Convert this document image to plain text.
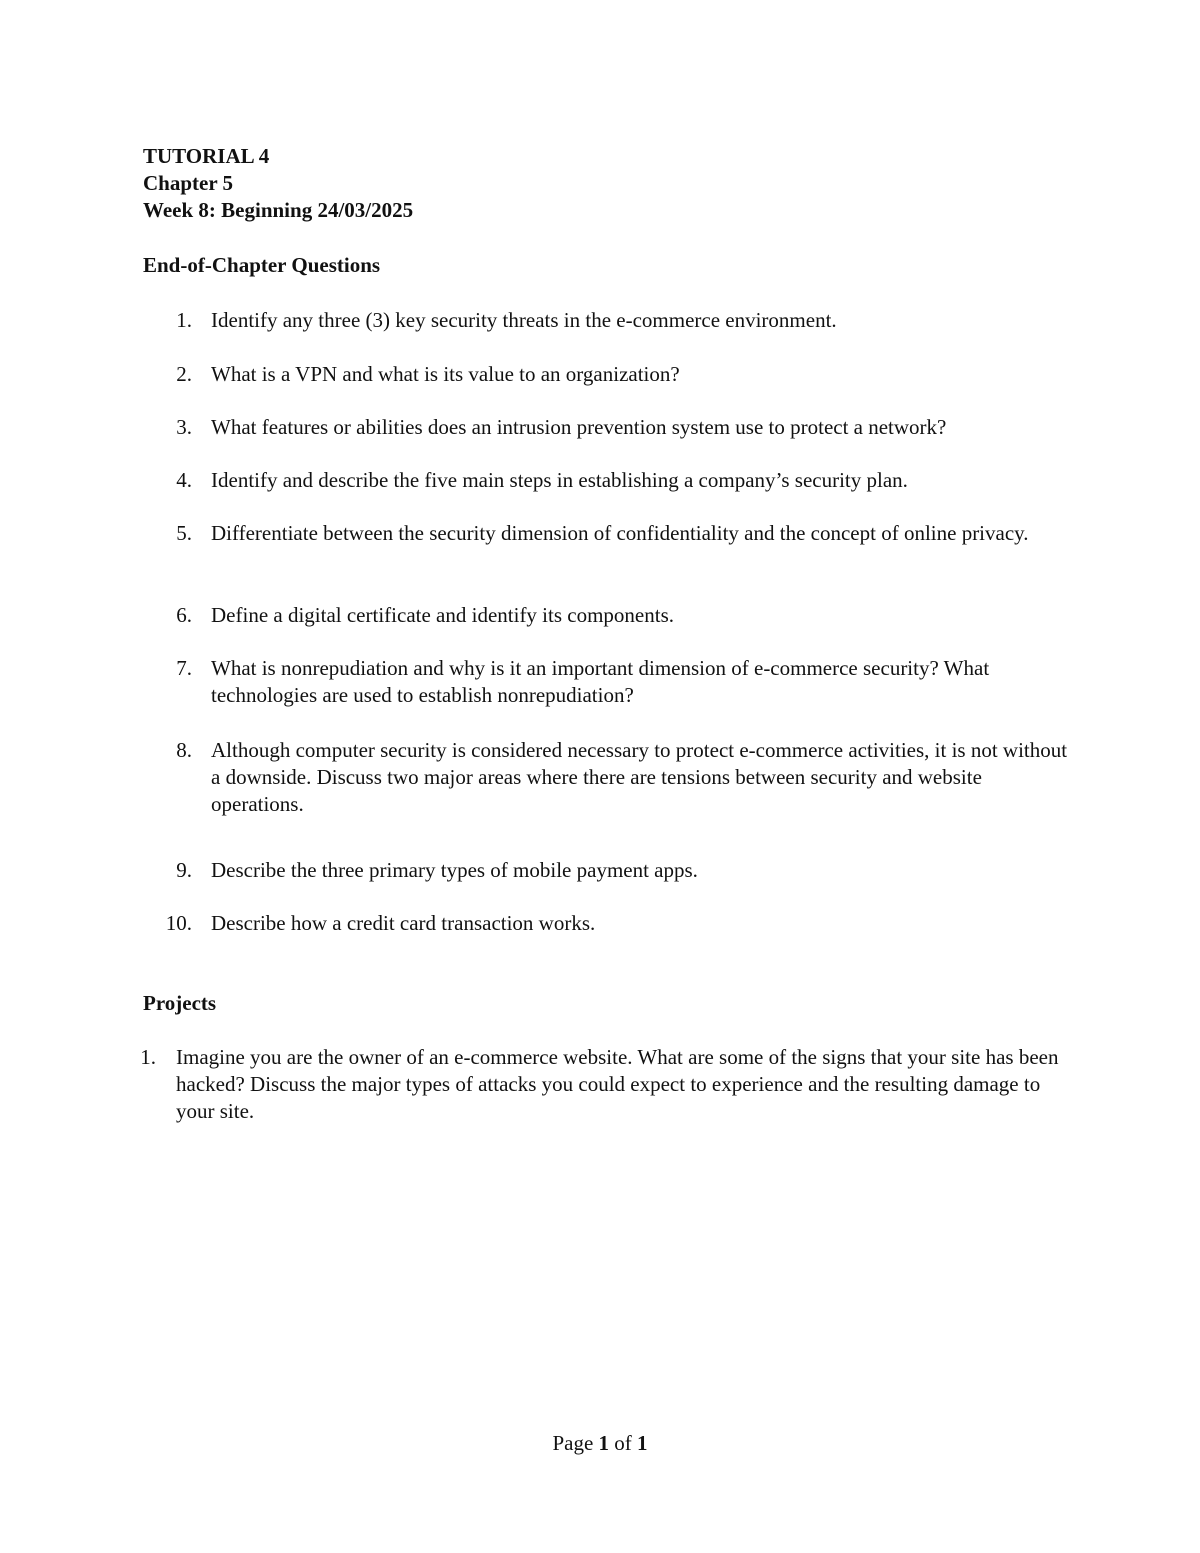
TUTORIAL 4
Chapter 5
Week 8: Beginning 24/03/2025
End-of-Chapter Questions
1. Identify any three (3) key security threats in the e-commerce environment.
2. What is a VPN and what is its value to an organization?
3. What features or abilities does an intrusion prevention system use to protect a network?
4. Identify and describe the five main steps in establishing a company’s security plan.
5. Differentiate between the security dimension of confidentiality and the concept of online privacy.
6. Define a digital certificate and identify its components.
7. What is nonrepudiation and why is it an important dimension of e-commerce security? What technologies are used to establish nonrepudiation?
8. Although computer security is considered necessary to protect e-commerce activities, it is not without a downside. Discuss two major areas where there are tensions between security and website operations.
9. Describe the three primary types of mobile payment apps.
10. Describe how a credit card transaction works.
Projects
1. Imagine you are the owner of an e-commerce website. What are some of the signs that your site has been hacked? Discuss the major types of attacks you could expect to experience and the resulting damage to your site.
Page 1 of 1
